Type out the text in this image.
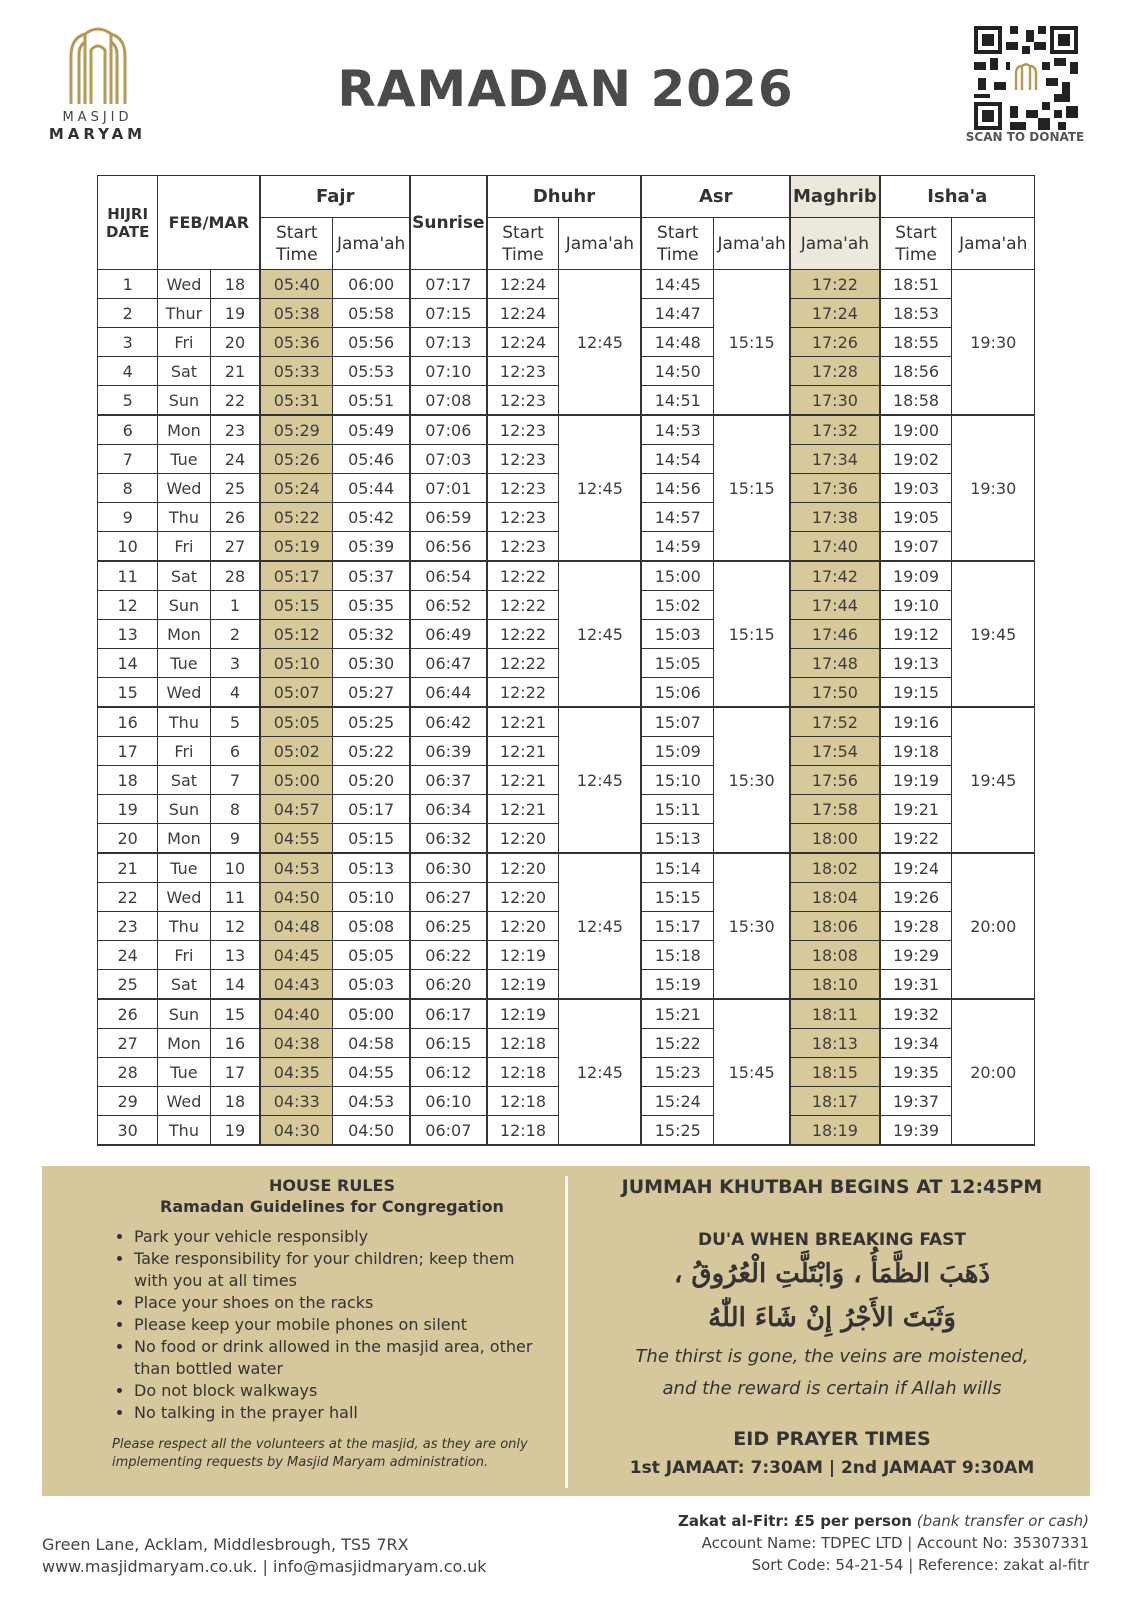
MASJID
MARYAM
RAMADAN 2026
SCAN TO DONATE
HIJRI DATE	FEB/MAR		Fajr		Sunrise	Dhuhr		Asr		Maghrib	Isha'a	
			Start Time	Jama'ah		Start Time	Jama'ah	Start Time	Jama'ah	Jama'ah	Start Time	Jama'ah
1	Wed	18	05:40	06:00	07:17	12:24	12:45	14:45	15:15	17:22	18:51	19:30
2	Thur	19	05:38	05:58	07:15	12:24		14:47		17:24	18:53	
3	Fri	20	05:36	05:56	07:13	12:24		14:48		17:26	18:55	
4	Sat	21	05:33	05:53	07:10	12:23		14:50		17:28	18:56	
5	Sun	22	05:31	05:51	07:08	12:23		14:51		17:30	18:58	
6	Mon	23	05:29	05:49	07:06	12:23	12:45	14:53	15:15	17:32	19:00	19:30
7	Tue	24	05:26	05:46	07:03	12:23		14:54		17:34	19:02	
8	Wed	25	05:24	05:44	07:01	12:23		14:56		17:36	19:03	
9	Thu	26	05:22	05:42	06:59	12:23		14:57		17:38	19:05	
10	Fri	27	05:19	05:39	06:56	12:23		14:59		17:40	19:07	
11	Sat	28	05:17	05:37	06:54	12:22	12:45	15:00	15:15	17:42	19:09	19:45
12	Sun	1	05:15	05:35	06:52	12:22		15:02		17:44	19:10	
13	Mon	2	05:12	05:32	06:49	12:22		15:03		17:46	19:12	
14	Tue	3	05:10	05:30	06:47	12:22		15:05		17:48	19:13	
15	Wed	4	05:07	05:27	06:44	12:22		15:06		17:50	19:15	
16	Thu	5	05:05	05:25	06:42	12:21	12:45	15:07	15:30	17:52	19:16	19:45
17	Fri	6	05:02	05:22	06:39	12:21		15:09		17:54	19:18	
18	Sat	7	05:00	05:20	06:37	12:21		15:10		17:56	19:19	
19	Sun	8	04:57	05:17	06:34	12:21		15:11		17:58	19:21	
20	Mon	9	04:55	05:15	06:32	12:20		15:13		18:00	19:22	
21	Tue	10	04:53	05:13	06:30	12:20	12:45	15:14	15:30	18:02	19:24	20:00
22	Wed	11	04:50	05:10	06:27	12:20		15:15		18:04	19:26	
23	Thu	12	04:48	05:08	06:25	12:20		15:17		18:06	19:28	
24	Fri	13	04:45	05:05	06:22	12:19		15:18		18:08	19:29	
25	Sat	14	04:43	05:03	06:20	12:19		15:19		18:10	19:31	
26	Sun	15	04:40	05:00	06:17	12:19	12:45	15:21	15:45	18:11	19:32	20:00
27	Mon	16	04:38	04:58	06:15	12:18		15:22		18:13	19:34	
28	Tue	17	04:35	04:55	06:12	12:18		15:23		18:15	19:35	
29	Wed	18	04:33	04:53	06:10	12:18		15:24		18:17	19:37	
30	Thu	19	04:30	04:50	06:07	12:18		15:25		18:19	19:39	
HOUSE RULES
Ramadan Guidelines for Congregation
• Park your vehicle responsibly
• Take responsibility for your children; keep them with you at all times
• Place your shoes on the racks
• Please keep your mobile phones on silent
• No food or drink allowed in the masjid area, other than bottled water
• Do not block walkways
• No talking in the prayer hall

Please respect all the volunteers at the masjid, as they are only implementing requests by Masjid Maryam administration.

JUMMAH KHUTBAH BEGINS AT 12:45PM
DU'A WHEN BREAKING FAST
ذَهَبَ الظَّمَأُ ، وَابْتَلَّتِ الْعُرُوقُ ،
وَثَبَتَ الأَجْرُ إِنْ شَاءَ اللّٰهُ
The thirst is gone, the veins are moistened,
and the reward is certain if Allah wills
EID PRAYER TIMES
1st JAMAAT: 7:30AM | 2nd JAMAAT 9:30AM
Zakat al-Fitr: £5 per person (bank transfer or cash)
Account Name: TDPEC LTD | Account No: 35307331
Sort Code: 54-21-54 | Reference: zakat al-fitr
Green Lane, Acklam, Middlesbrough, TS5 7RX
www.masjidmaryam.co.uk. | info@masjidmaryam.co.uk
